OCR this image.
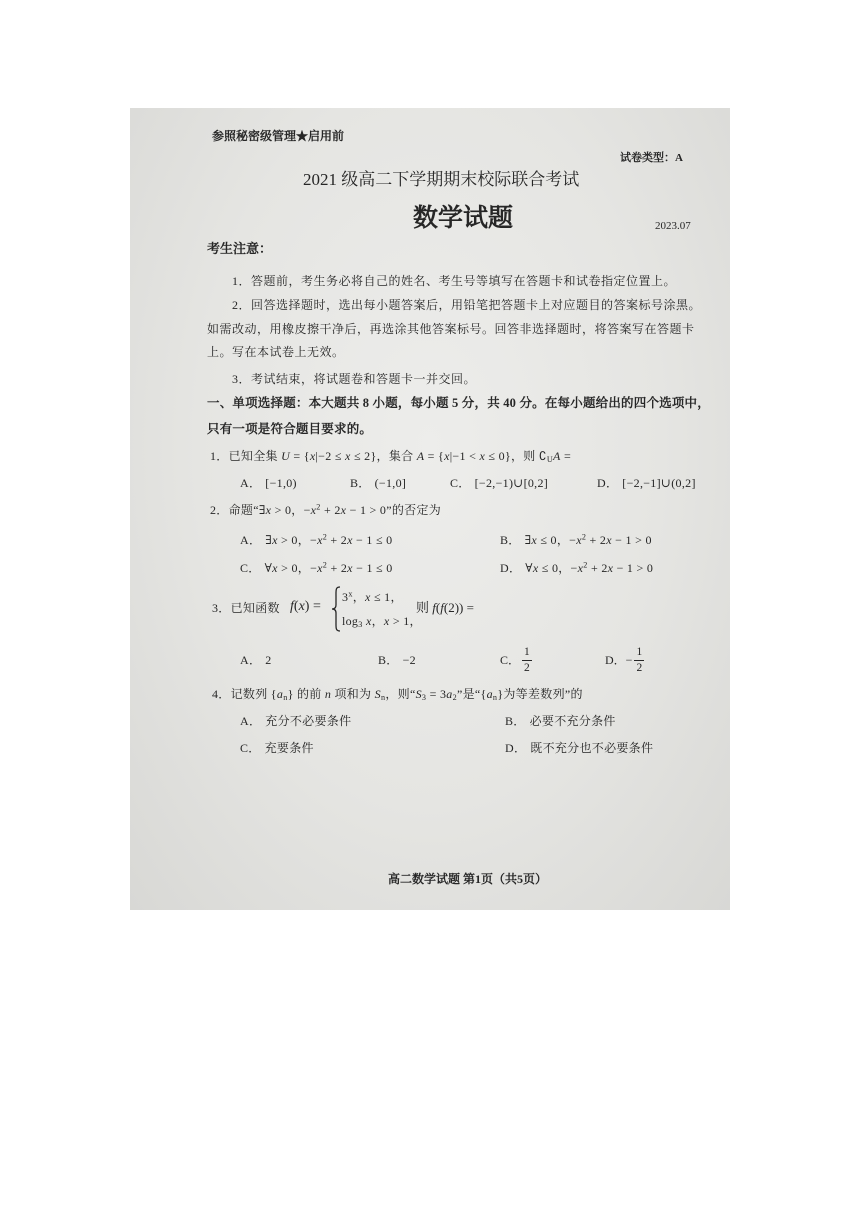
参照秘密级管理★启用前
试卷类型：A
2021 级高二下学期期末校际联合考试
数学试题	2023.07
考生注意：
1．答题前，考生务必将自己的姓名、考生号等填写在答题卡和试卷指定位置上。
2．回答选择题时，选出每小题答案后，用铅笔把答题卡上对应题目的答案标号涂黑。
如需改动，用橡皮擦干净后，再选涂其他答案标号。回答非选择题时，将答案写在答题卡
上。写在本试卷上无效。
3．考试结束，将试题卷和答题卡一并交回。
一、单项选择题：本大题共 8 小题，每小题 5 分，共 40 分。在每小题给出的四个选项中，
只有一项是符合题目要求的。
1．已知全集 U = {x|−2 ≤ x ≤ 2}，集合 A = {x|−1 < x ≤ 0}，则 $∁_UA$ =
A． [−1,0)	B． (−1,0]	C． [−2,−1)∪[0,2]	D． [−2,−1]∪(0,2]
2．命题“∃x > 0，$-x^2 + 2x - 1 > 0$”的否定为
A． ∃x > 0，$-x^2 + 2x - 1 \le 0$	B． ∃x ≤ 0，$-x^2 + 2x - 1 > 0$
C． ∀x > 0，$-x^2 + 2x - 1 \le 0$	D． ∀x ≤ 0，$-x^2 + 2x - 1 > 0$
3．已知函数 f(x) =
$3^x$，x ≤ 1，
$\log_3 x$，x > 1，
则 f(f(2)) =
A． 2	B． −2	C． $\frac{1}{2}$	D． − $\frac{1}{2}$
4．记数列 $\{a_n\}$ 的前 n 项和为 $S_n$，则“$S_3 = 3a_2$”是“$\{a_n\}$为等差数列”的
A． 充分不必要条件	B． 必要不充分条件
C． 充要条件	D． 既不充分也不必要条件
高二数学试题 第1页（共5页）
